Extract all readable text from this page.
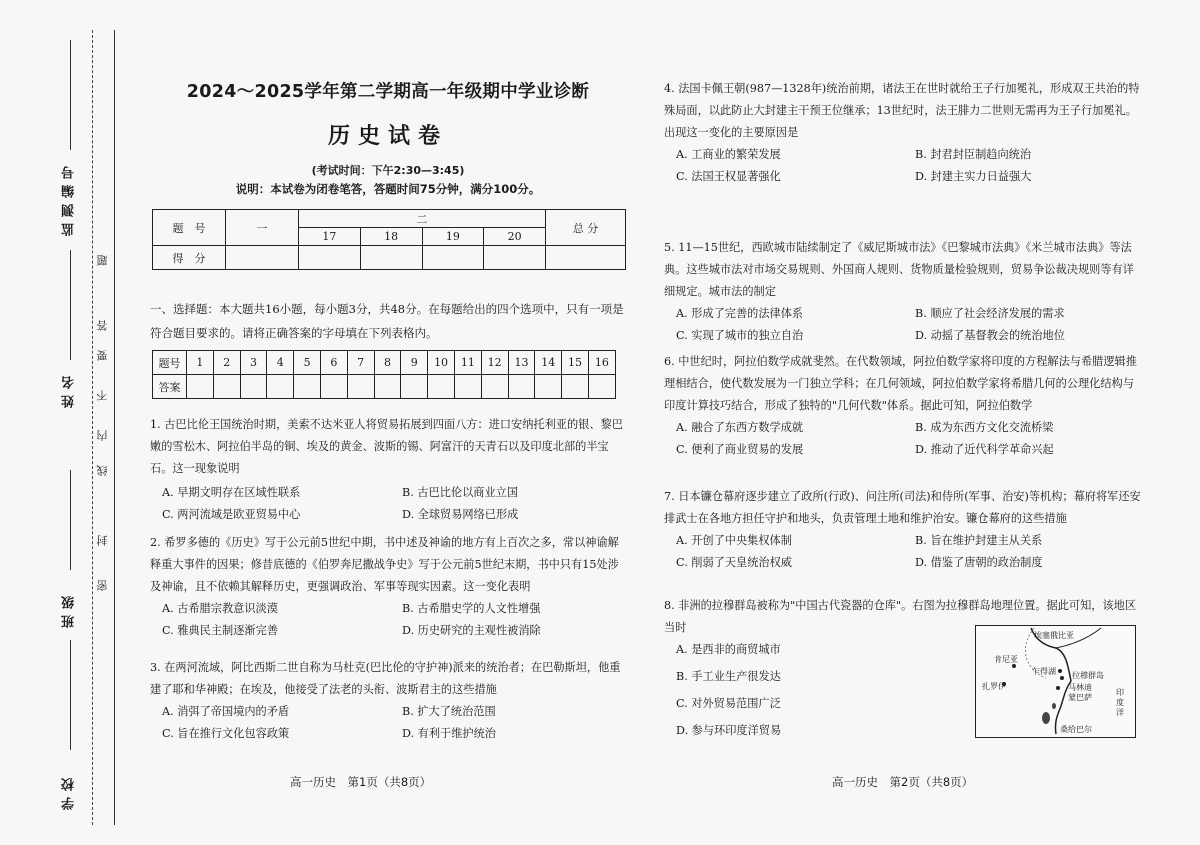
监测编号
姓名
班级
学校
题
答
要
不
内
线
封
密
2024～2025学年第二学期高一年级期中学业诊断
历史试卷
(考试时间：下午2:30—3:45)
说明：本试卷为闭卷笔答，答题时间75分钟，满分100分。
题　号	一	二				总 分
		17	18	19	20	
得　分						
一、选择题：本大题共16小题，每小题3分，共48分。在每题给出的四个选项中，只有一项是符合题目要求的。请将正确答案的字母填在下列表格内。
题号	1	2	3	4	5	6	7	8	9	10	11	12	13	14	15	16
答案																
1. 古巴比伦王国统治时期，美索不达米亚人将贸易拓展到四面八方：进口安纳托利亚的银、黎巴嫩的雪松木、阿拉伯半岛的铜、埃及的黄金、波斯的锡、阿富汗的天青石以及印度北部的半宝石。这一现象说明
A. 早期文明存在区域性联系	B. 古巴比伦以商业立国
C. 两河流域是欧亚贸易中心	D. 全球贸易网络已形成
2. 希罗多德的《历史》写于公元前5世纪中期，书中述及神谕的地方有上百次之多，常以神谕解释重大事件的因果；修昔底德的《伯罗奔尼撒战争史》写于公元前5世纪末期，书中只有15处涉及神谕，且不依赖其解释历史，更强调政治、军事等现实因素。这一变化表明
A. 古希腊宗教意识淡漠	B. 古希腊史学的人文性增强
C. 雅典民主制逐渐完善	D. 历史研究的主观性被消除
3. 在两河流域，阿比西斯二世自称为马杜克(巴比伦的守护神)派来的统治者；在巴勒斯坦，他重建了耶和华神殿；在埃及，他接受了法老的头衔、波斯君主的这些措施
A. 消弭了帝国境内的矛盾	B. 扩大了统治范围
C. 旨在推行文化包容政策	D. 有利于维护统治
高一历史　第1页（共8页）
4. 法国卡佩王朝(987—1328年)统治前期，诸法王在世时就给王子行加冕礼，形成双王共治的特殊局面，以此防止大封建主干预王位继承；13世纪时，法王腓力二世则无需再为王子行加冕礼。出现这一变化的主要原因是
A. 工商业的繁荣发展	B. 封君封臣制趋向统治
C. 法国王权显著强化	D. 封建主实力日益强大
5. 11—15世纪，西欧城市陆续制定了《威尼斯城市法》《巴黎城市法典》《米兰城市法典》等法典。这些城市法对市场交易规则、外国商人规则、货物质量检验规则，贸易争讼裁决规则等有详细规定。城市法的制定
A. 形成了完善的法律体系	B. 顺应了社会经济发展的需求
C. 实现了城市的独立自治	D. 动摇了基督教会的统治地位
6. 中世纪时，阿拉伯数学成就斐然。在代数领域，阿拉伯数学家将印度的方程解法与希腊逻辑推理相结合，使代数发展为一门独立学科；在几何领域，阿拉伯数学家将希腊几何的公理化结构与印度计算技巧结合，形成了独特的"几何代数"体系。据此可知，阿拉伯数学
A. 融合了东西方数学成就	B. 成为东西方文化交流桥梁
C. 便利了商业贸易的发展	D. 推动了近代科学革命兴起
7. 日本镰仓幕府逐步建立了政所(行政)、问注所(司法)和侍所(军事、治安)等机构；幕府将军还安排武士在各地方担任守护和地头，负责管理土地和维护治安。镰仓幕府的这些措施
A. 开创了中央集权体制	B. 旨在维护封建主从关系
C. 削弱了天皇统治权威	D. 借鉴了唐朝的政治制度
8. 非洲的拉穆群岛被称为"中国古代瓷器的仓库"。右图为拉穆群岛地理位置。据此可知，该地区当时
A. 是西非的商贸城市
B. 手工业生产很发达
C. 对外贸易范围广泛
D. 参与环印度洋贸易
埃塞俄比亚
肯尼亚
乍得湖 拉穆群岛
马林迪
蒙巴萨
扎罗伊
桑给巴尔
印度洋
高一历史　第2页（共8页）
